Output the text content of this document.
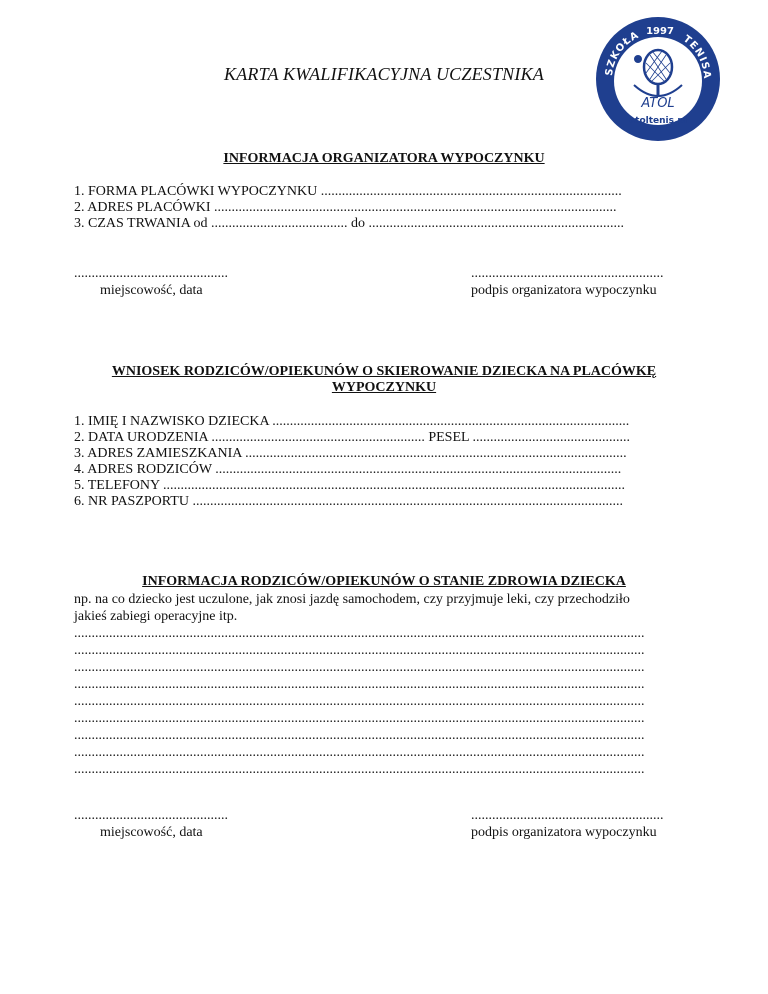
KARTA KWALIFIKACYJNA UCZESTNIKA	SZKOŁA	TENISA
1997
ATOL
atoltenis.pl
INFORMACJA ORGANIZATORA WYPOCZYNKU
1. FORMA PLACÓWKI WYPOCZYNKU ......................................................................................
2. ADRES PLACÓWKI ...................................................................................................................
3. CZAS TRWANIA od ....................................... do .........................................................................
............................................
miejscowość, data
.......................................................
podpis organizatora wypoczynku
WNIOSEK RODZICÓW/OPIEKUNÓW O SKIEROWANIE DZIECKA NA PLACÓWKĘ
WYPOCZYNKU
1. IMIĘ I NAZWISKO DZIECKA ......................................................................................................
2. DATA URODZENIA ............................................................. PESEL .............................................
3. ADRES ZAMIESZKANIA .............................................................................................................
4. ADRES RODZICÓW ....................................................................................................................
5. TELEFONY ....................................................................................................................................
6. NR PASZPORTU ...........................................................................................................................
INFORMACJA RODZICÓW/OPIEKUNÓW O STANIE ZDROWIA DZIECKA
np. na co dziecko jest uczulone, jak znosi jazdę samochodem, czy przyjmuje leki, czy przechodziło
jakieś zabiegi operacyjne itp.
...................................................................................................................................................................
...................................................................................................................................................................
...................................................................................................................................................................
...................................................................................................................................................................
...................................................................................................................................................................
...................................................................................................................................................................
...................................................................................................................................................................
...................................................................................................................................................................
...................................................................................................................................................................
............................................
miejscowość, data
.......................................................
podpis organizatora wypoczynku
